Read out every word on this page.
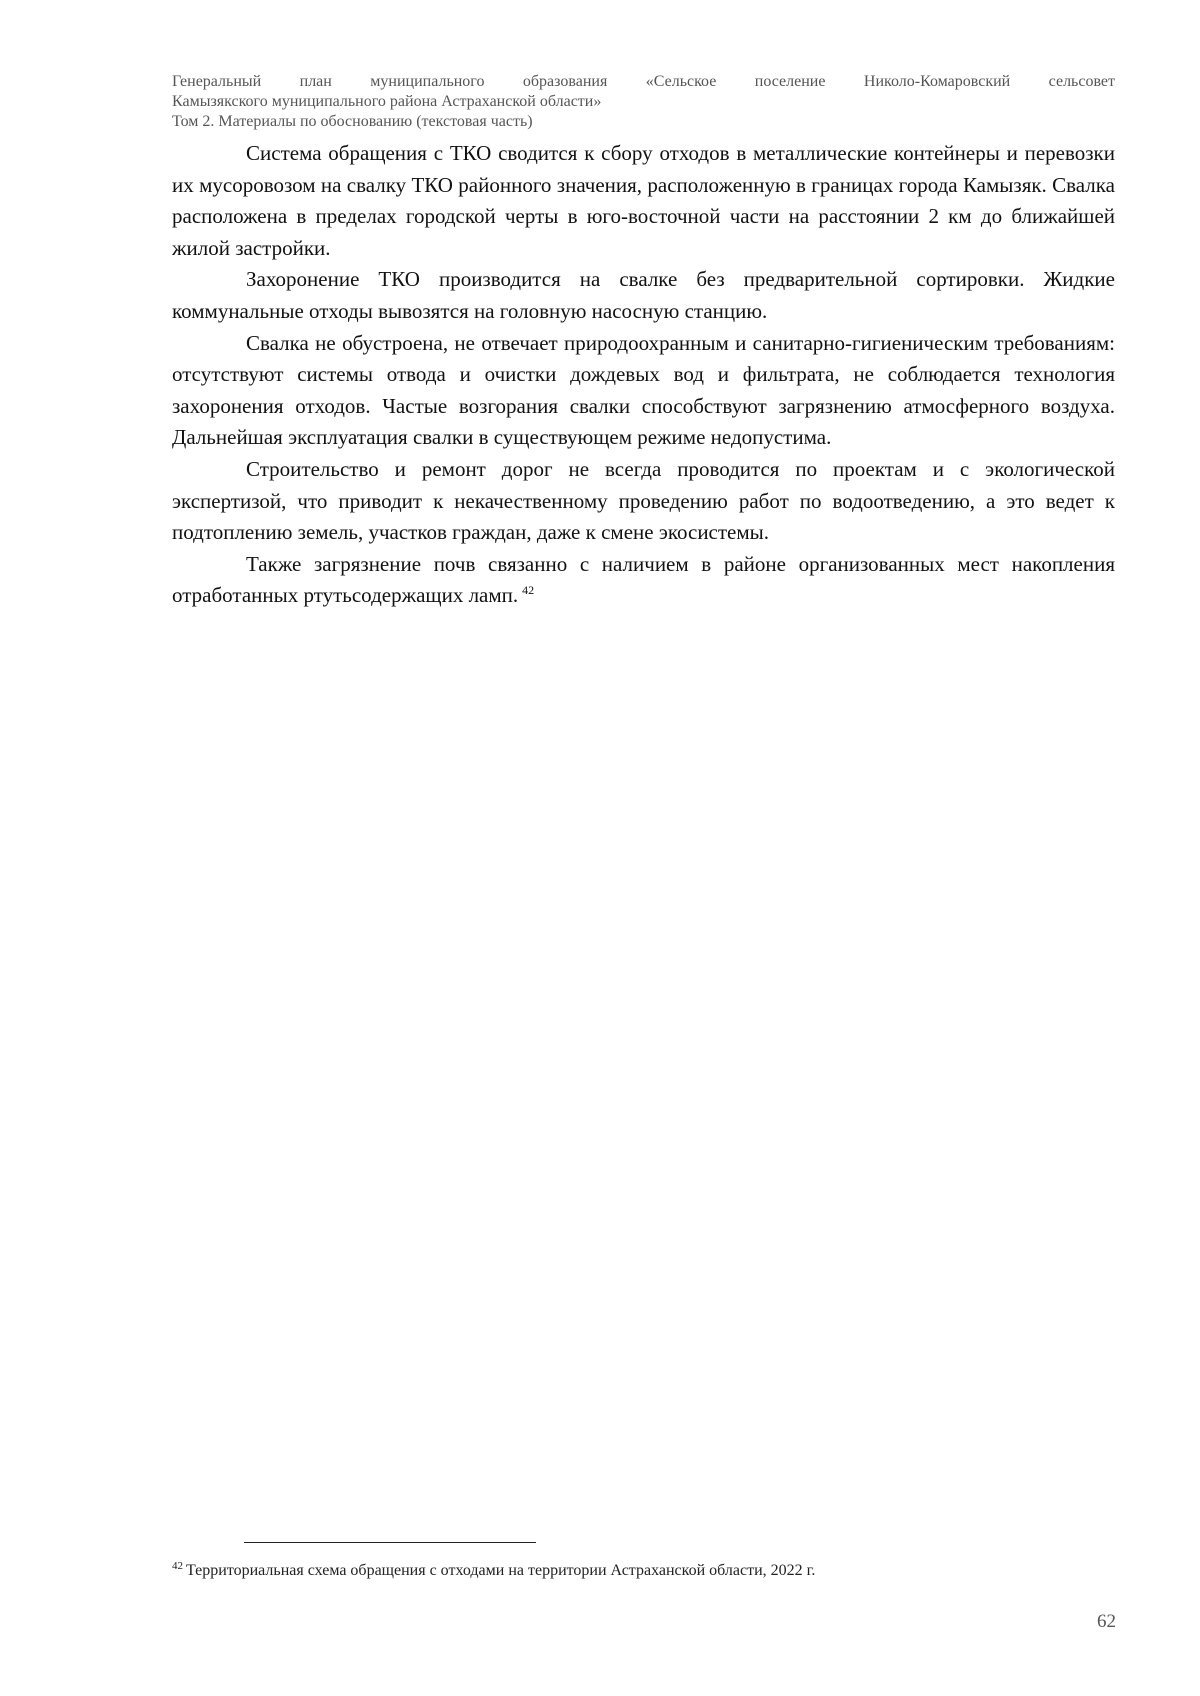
Генеральный план муниципального образования «Сельское поселение Николо-Комаровский сельсовет
Камызякского муниципального района Астраханской области»
Том 2. Материалы по обоснованию (текстовая часть)

Система обращения с ТКО сводится к сбору отходов в металлические контейнеры и перевозки их мусоровозом на свалку ТКО районного значения, расположенную в границах города Камызяк. Свалка расположена в пределах городской черты в юго-восточной части на расстоянии 2 км до ближайшей жилой застройки.

Захоронение ТКО производится на свалке без предварительной сортировки. Жидкие коммунальные отходы вывозятся на головную насосную станцию.

Свалка не обустроена, не отвечает природоохранным и санитарно-гигиеническим требованиям: отсутствуют системы отвода и очистки дождевых вод и фильтрата, не соблюдается технология захоронения отходов. Частые возгорания свалки способствуют загрязнению атмосферного воздуха. Дальнейшая эксплуатация свалки в существующем режиме недопустима.

Строительство и ремонт дорог не всегда проводится по проектам и с экологической экспертизой, что приводит к некачественному проведению работ по водоотведению, а это ведет к подтоплению земель, участков граждан, даже к смене экосистемы.

Также загрязнение почв связанно с наличием в районе организованных мест накопления отработанных ртутьсодержащих ламп. $^{42}$

$^{42}$ Территориальная схема обращения с отходами на территории Астраханской области, 2022 г.
62
